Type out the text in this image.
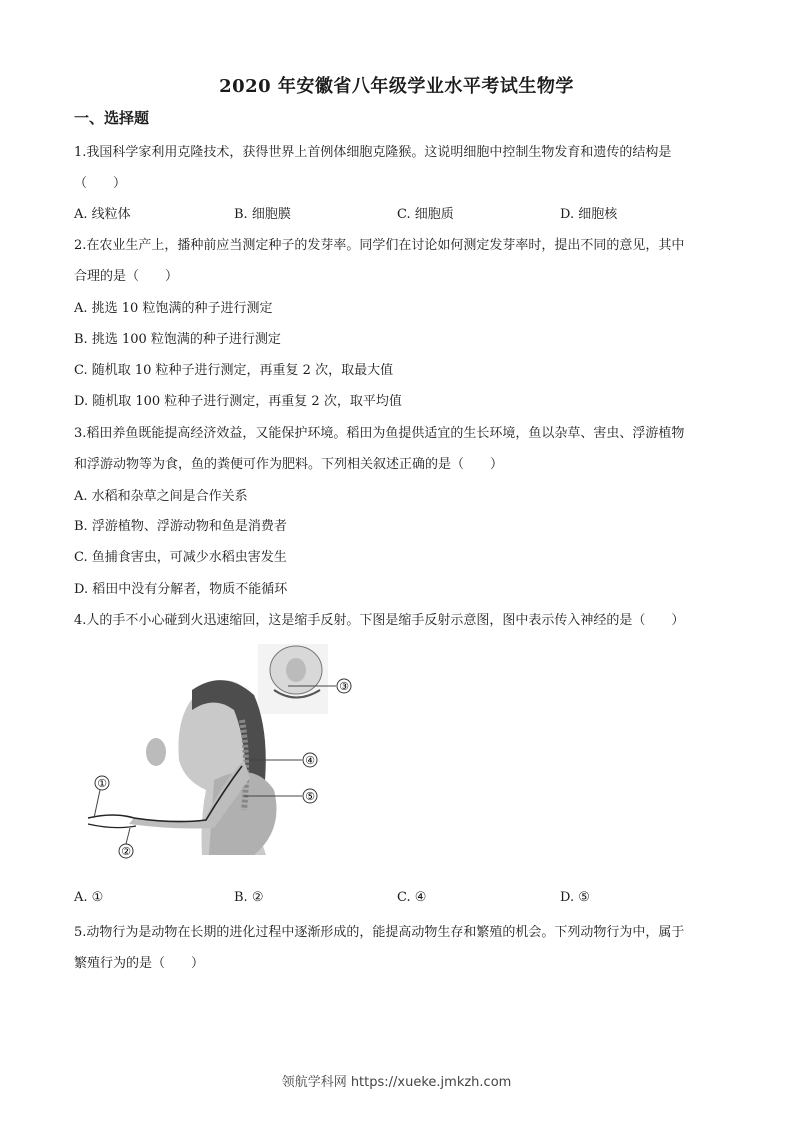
2020 年安徽省八年级学业水平考试生物学
一、选择题
1.我国科学家利用克隆技术，获得世界上首例体细胞克隆猴。这说明细胞中控制生物发育和遗传的结构是
（　　）
A. 线粒体	B. 细胞膜	C. 细胞质	D. 细胞核
2.在农业生产上，播种前应当测定种子的发芽率。同学们在讨论如何测定发芽率时，提出不同的意见，其中
合理的是（　　）
A. 挑选 10 粒饱满的种子进行测定
B. 挑选 100 粒饱满的种子进行测定
C. 随机取 10 粒种子进行测定，再重复 2 次，取最大值
D. 随机取 100 粒种子进行测定，再重复 2 次，取平均值
3.稻田养鱼既能提高经济效益，又能保护环境。稻田为鱼提供适宜的生长环境，鱼以杂草、害虫、浮游植物
和浮游动物等为食，鱼的粪便可作为肥料。下列相关叙述正确的是（　　）
A. 水稻和杂草之间是合作关系
B. 浮游植物、浮游动物和鱼是消费者
C. 鱼捕食害虫，可减少水稻虫害发生
D. 稻田中没有分解者，物质不能循环
4.人的手不小心碰到火迅速缩回，这是缩手反射。下图是缩手反射示意图，图中表示传入神经的是（　　）
③
④
⑤
①
②
A. ①	B. ②	C. ④	D. ⑤
5.动物行为是动物在长期的进化过程中逐渐形成的，能提高动物生存和繁殖的机会。下列动物行为中，属于
繁殖行为的是（　　）
领航学科网 https://xueke.jmkzh.com
